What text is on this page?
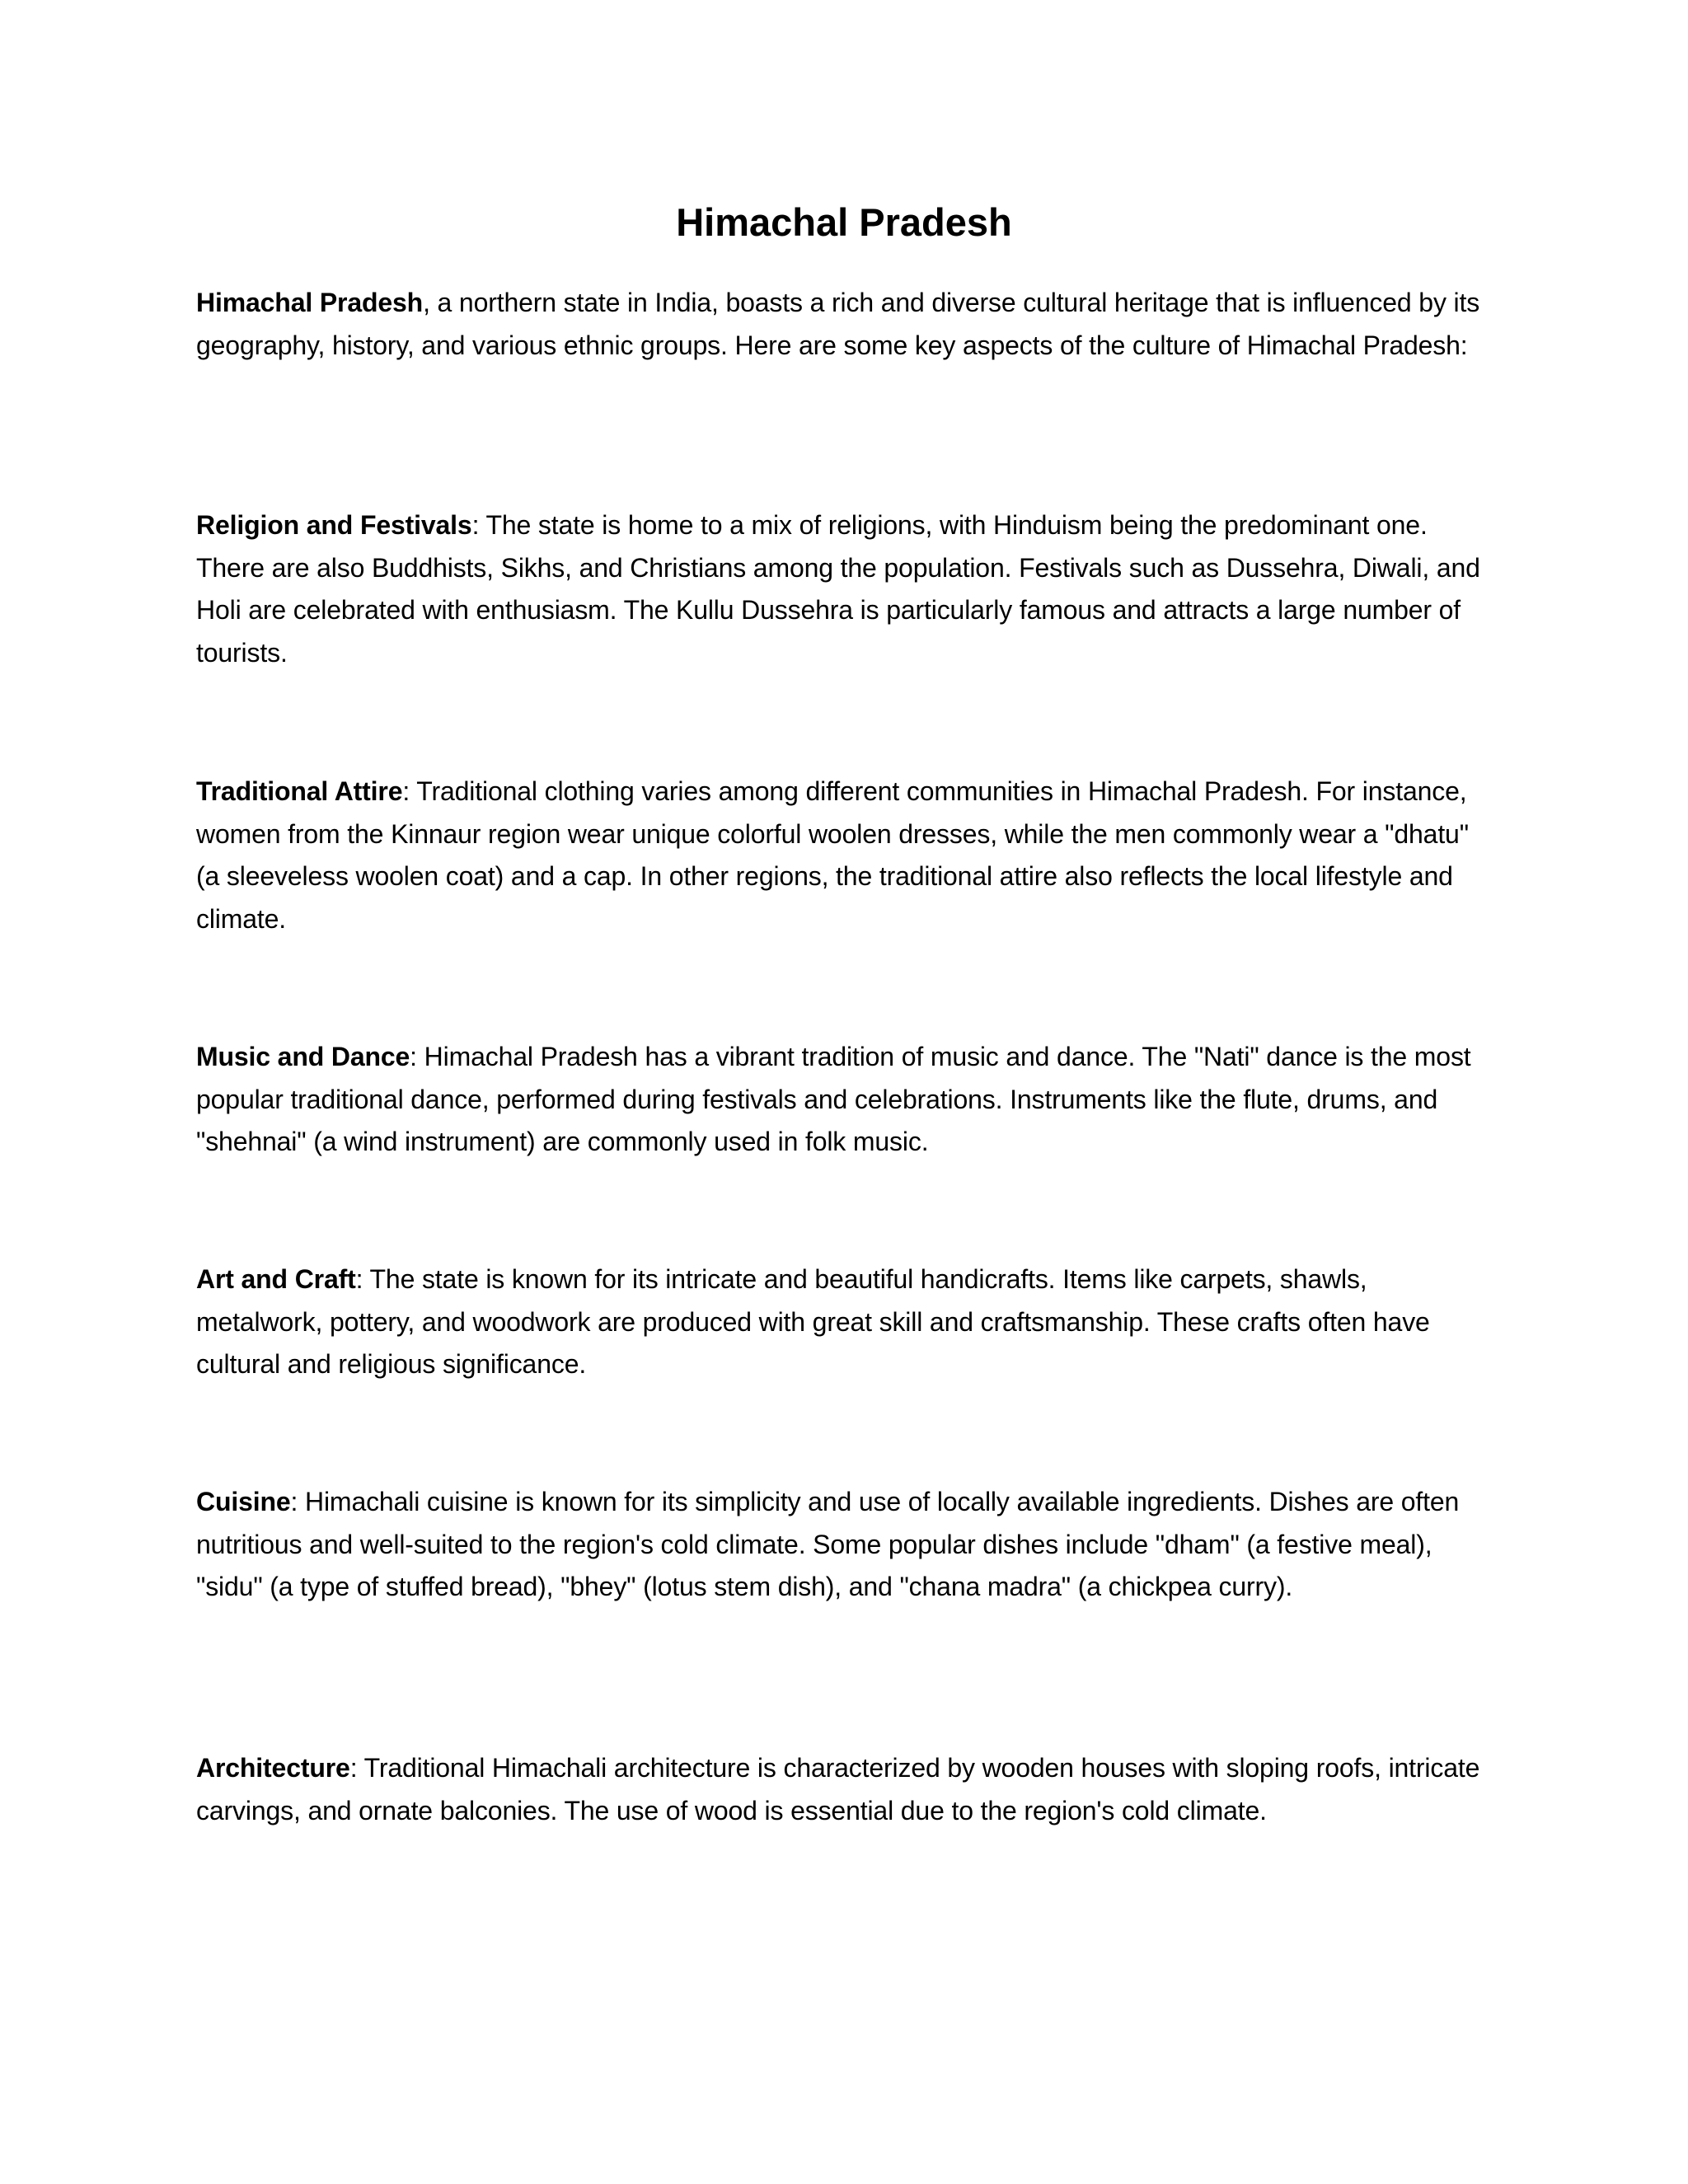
Himachal Pradesh

Himachal Pradesh, a northern state in India, boasts a rich and diverse cultural heritage that is influenced by its geography, history, and various ethnic groups. Here are some key aspects of the culture of Himachal Pradesh:

Religion and Festivals: The state is home to a mix of religions, with Hinduism being the predominant one. There are also Buddhists, Sikhs, and Christians among the population. Festivals such as Dussehra, Diwali, and Holi are celebrated with enthusiasm. The Kullu Dussehra is particularly famous and attracts a large number of tourists.

Traditional Attire: Traditional clothing varies among different communities in Himachal Pradesh. For instance, women from the Kinnaur region wear unique colorful woolen dresses, while the men commonly wear a "dhatu" (a sleeveless woolen coat) and a cap. In other regions, the traditional attire also reflects the local lifestyle and climate.

Music and Dance: Himachal Pradesh has a vibrant tradition of music and dance. The "Nati" dance is the most popular traditional dance, performed during festivals and celebrations. Instruments like the flute, drums, and "shehnai" (a wind instrument) are commonly used in folk music.

Art and Craft: The state is known for its intricate and beautiful handicrafts. Items like carpets, shawls, metalwork, pottery, and woodwork are produced with great skill and craftsmanship. These crafts often have cultural and religious significance.

Cuisine: Himachali cuisine is known for its simplicity and use of locally available ingredients. Dishes are often nutritious and well-suited to the region's cold climate. Some popular dishes include "dham" (a festive meal), "sidu" (a type of stuffed bread), "bhey" (lotus stem dish), and "chana madra" (a chickpea curry).

Architecture: Traditional Himachali architecture is characterized by wooden houses with sloping roofs, intricate carvings, and ornate balconies. The use of wood is essential due to the region's cold climate.
